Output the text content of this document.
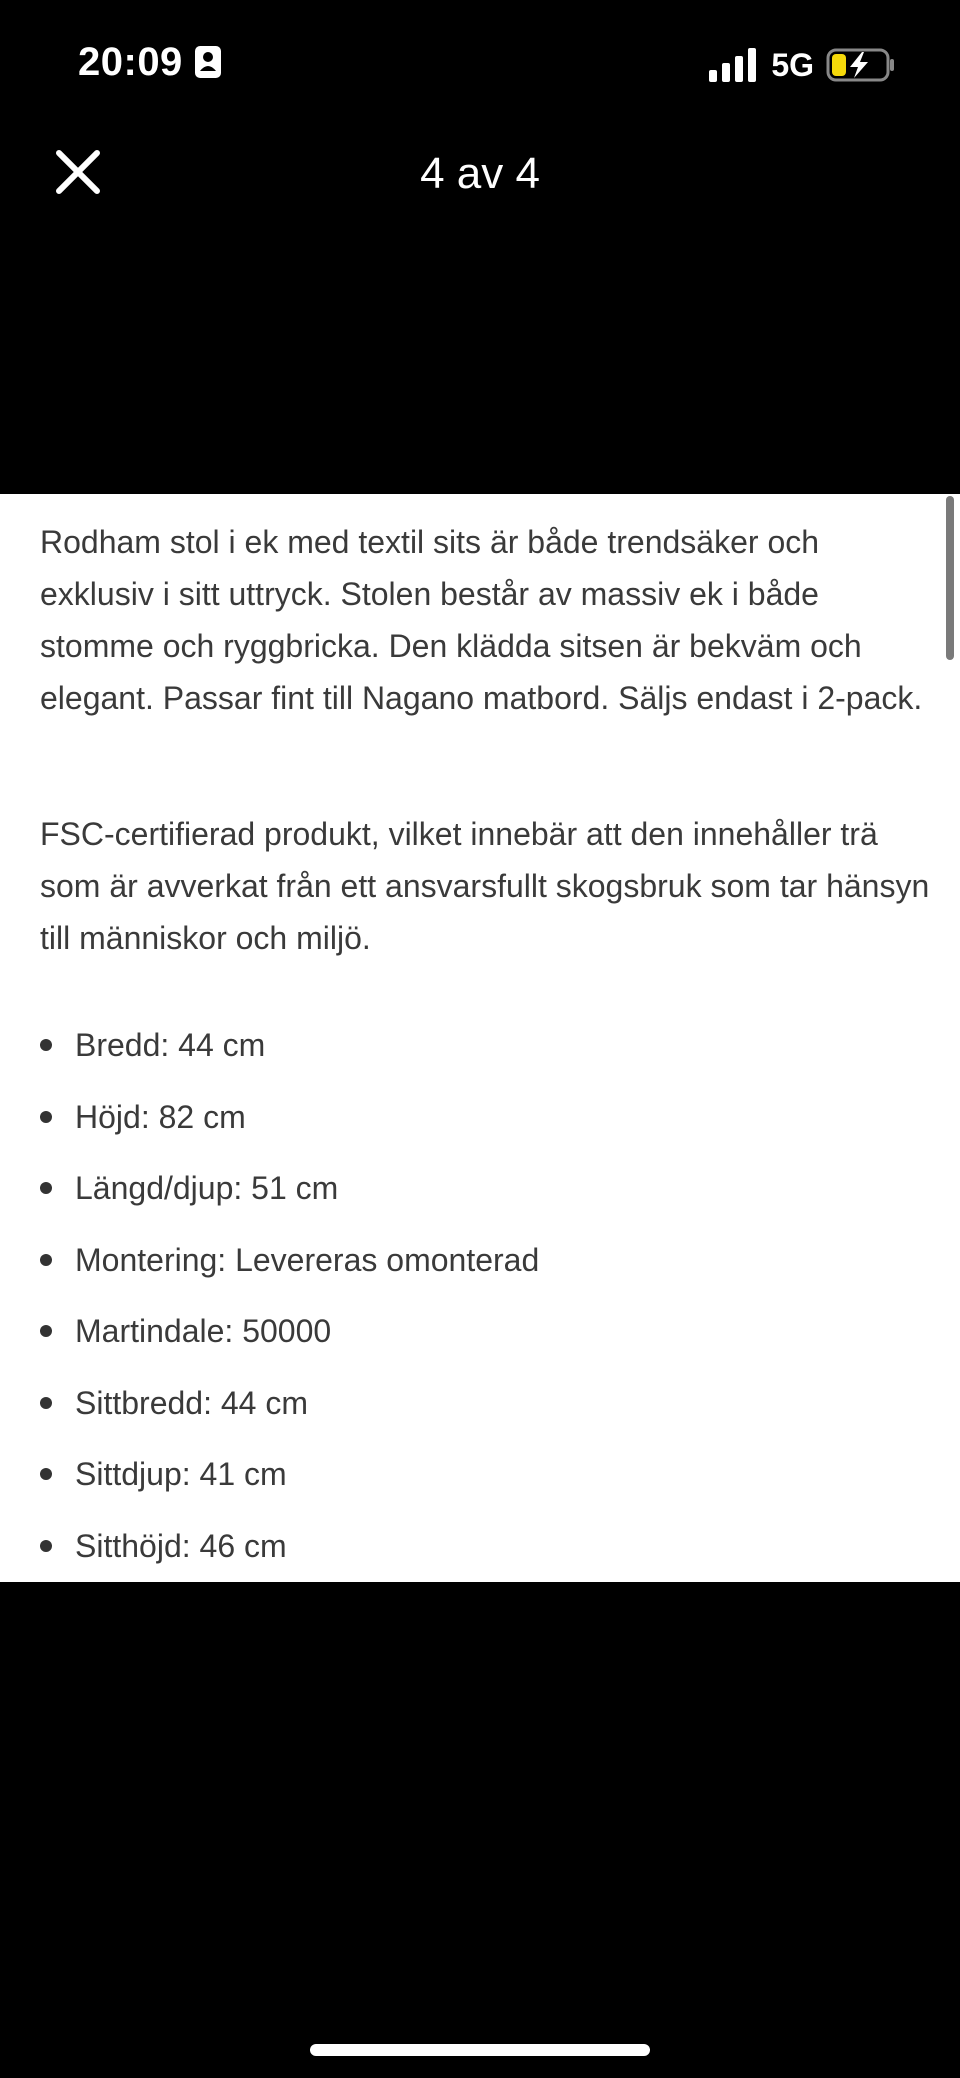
20:09	5G
4 av 4

Rodham stol i ek med textil sits är både trendsäker och exklusiv i sitt uttryck. Stolen består av massiv ek i både stomme och ryggbricka. Den klädda sitsen är bekväm och elegant. Passar fint till Nagano matbord. Säljs endast i 2-pack.

FSC-certifierad produkt, vilket innebär att den innehåller trä som är avverkat från ett ansvarsfullt skogsbruk som tar hänsyn till människor och miljö.

Bredd: 44 cm
Höjd: 82 cm
Längd/djup: 51 cm
Montering: Levereras omonterad
Martindale: 50000
Sittbredd: 44 cm
Sittdjup: 41 cm
Sitthöjd: 46 cm
